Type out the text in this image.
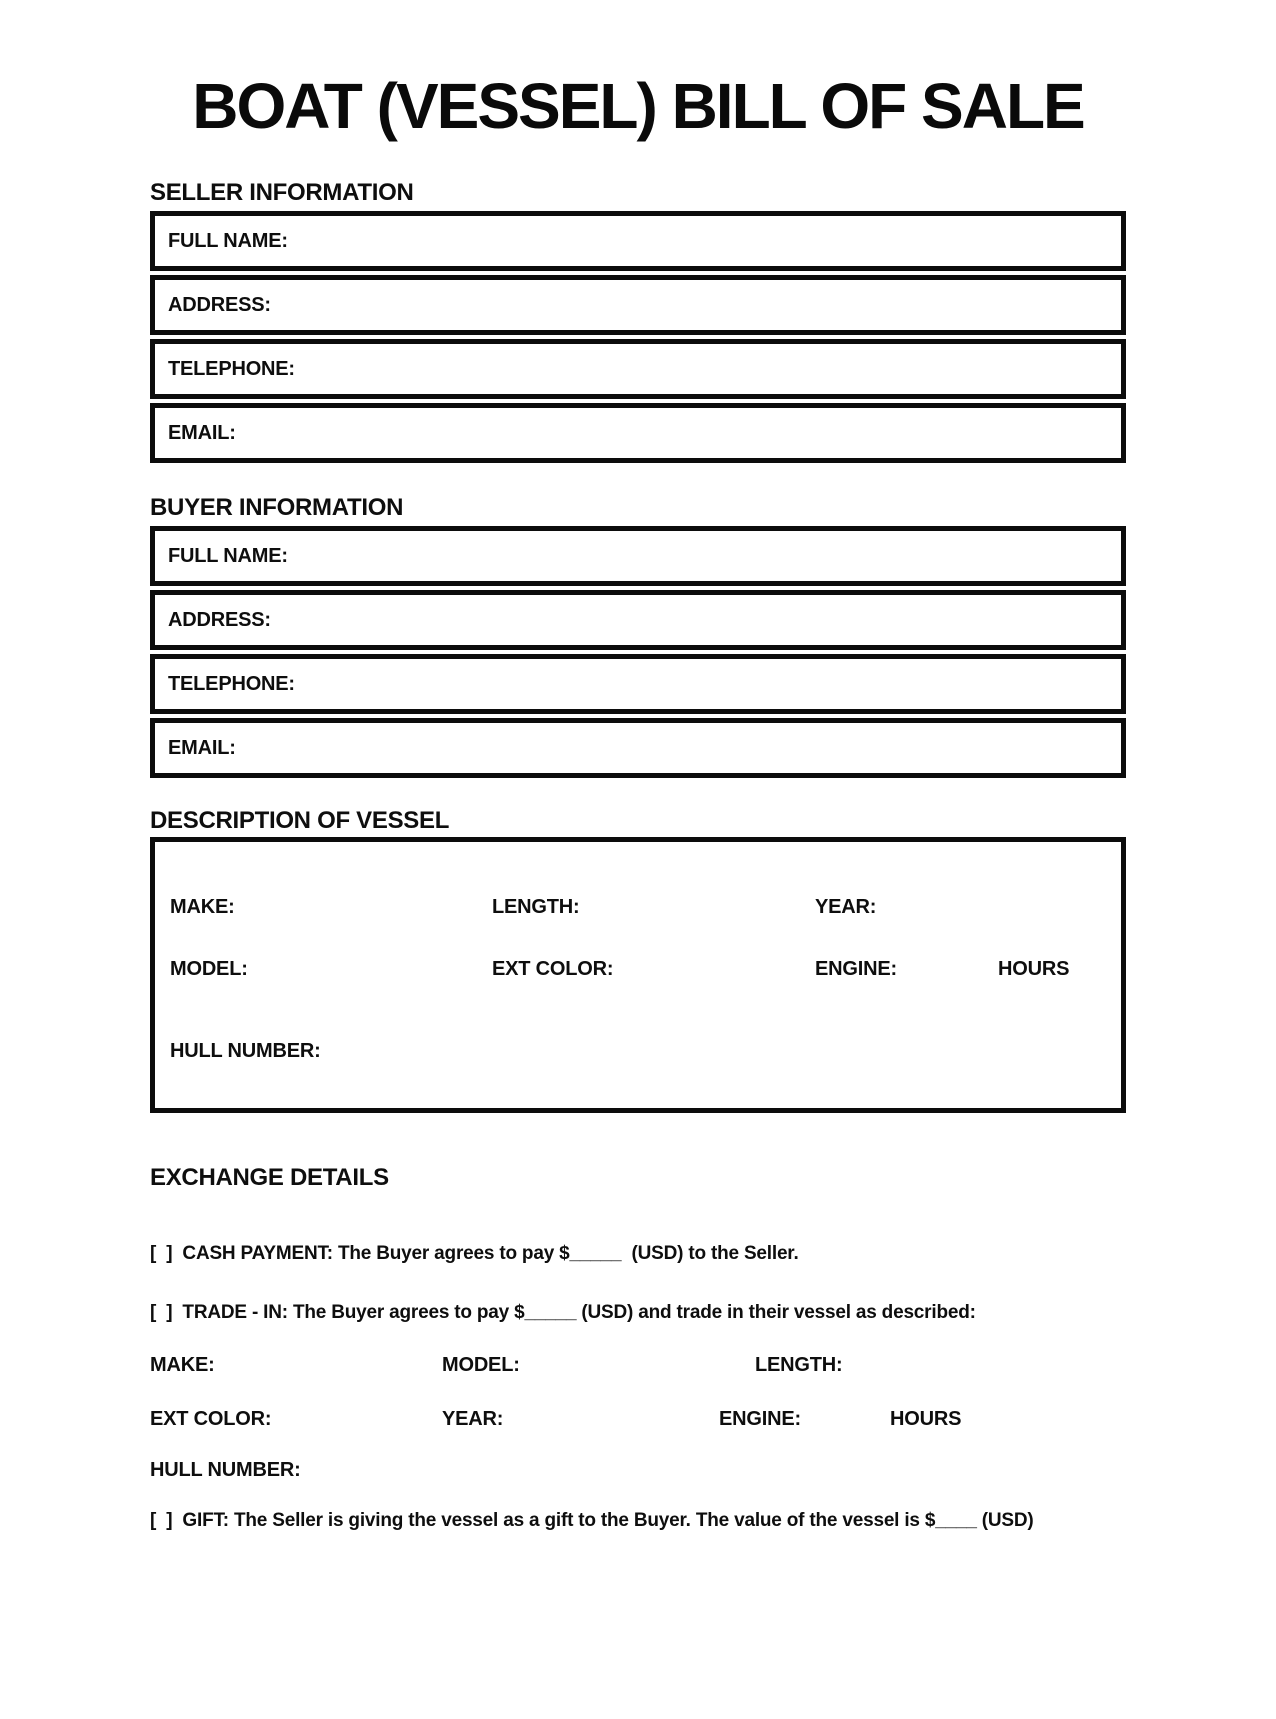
BOAT (VESSEL) BILL OF SALE
SELLER INFORMATION
FULL NAME:
ADDRESS:
TELEPHONE:
EMAIL:
BUYER INFORMATION
FULL NAME:
ADDRESS:
TELEPHONE:
EMAIL:
DESCRIPTION OF VESSEL
MAKE:	LENGTH:	YEAR:
MODEL:	EXT COLOR:	ENGINE:	HOURS
HULL NUMBER:
EXCHANGE DETAILS
[  ] CASH PAYMENT: The Buyer agrees to pay $_____  (USD) to the Seller.
[  ] TRADE - IN: The Buyer agrees to pay $_____ (USD) and trade in their vessel as described:
MAKE:	MODEL:	LENGTH:
EXT COLOR:	YEAR:	ENGINE:	HOURS
HULL NUMBER:
[  ] GIFT: The Seller is giving the vessel as a gift to the Buyer. The value of the vessel is $____ (USD)
